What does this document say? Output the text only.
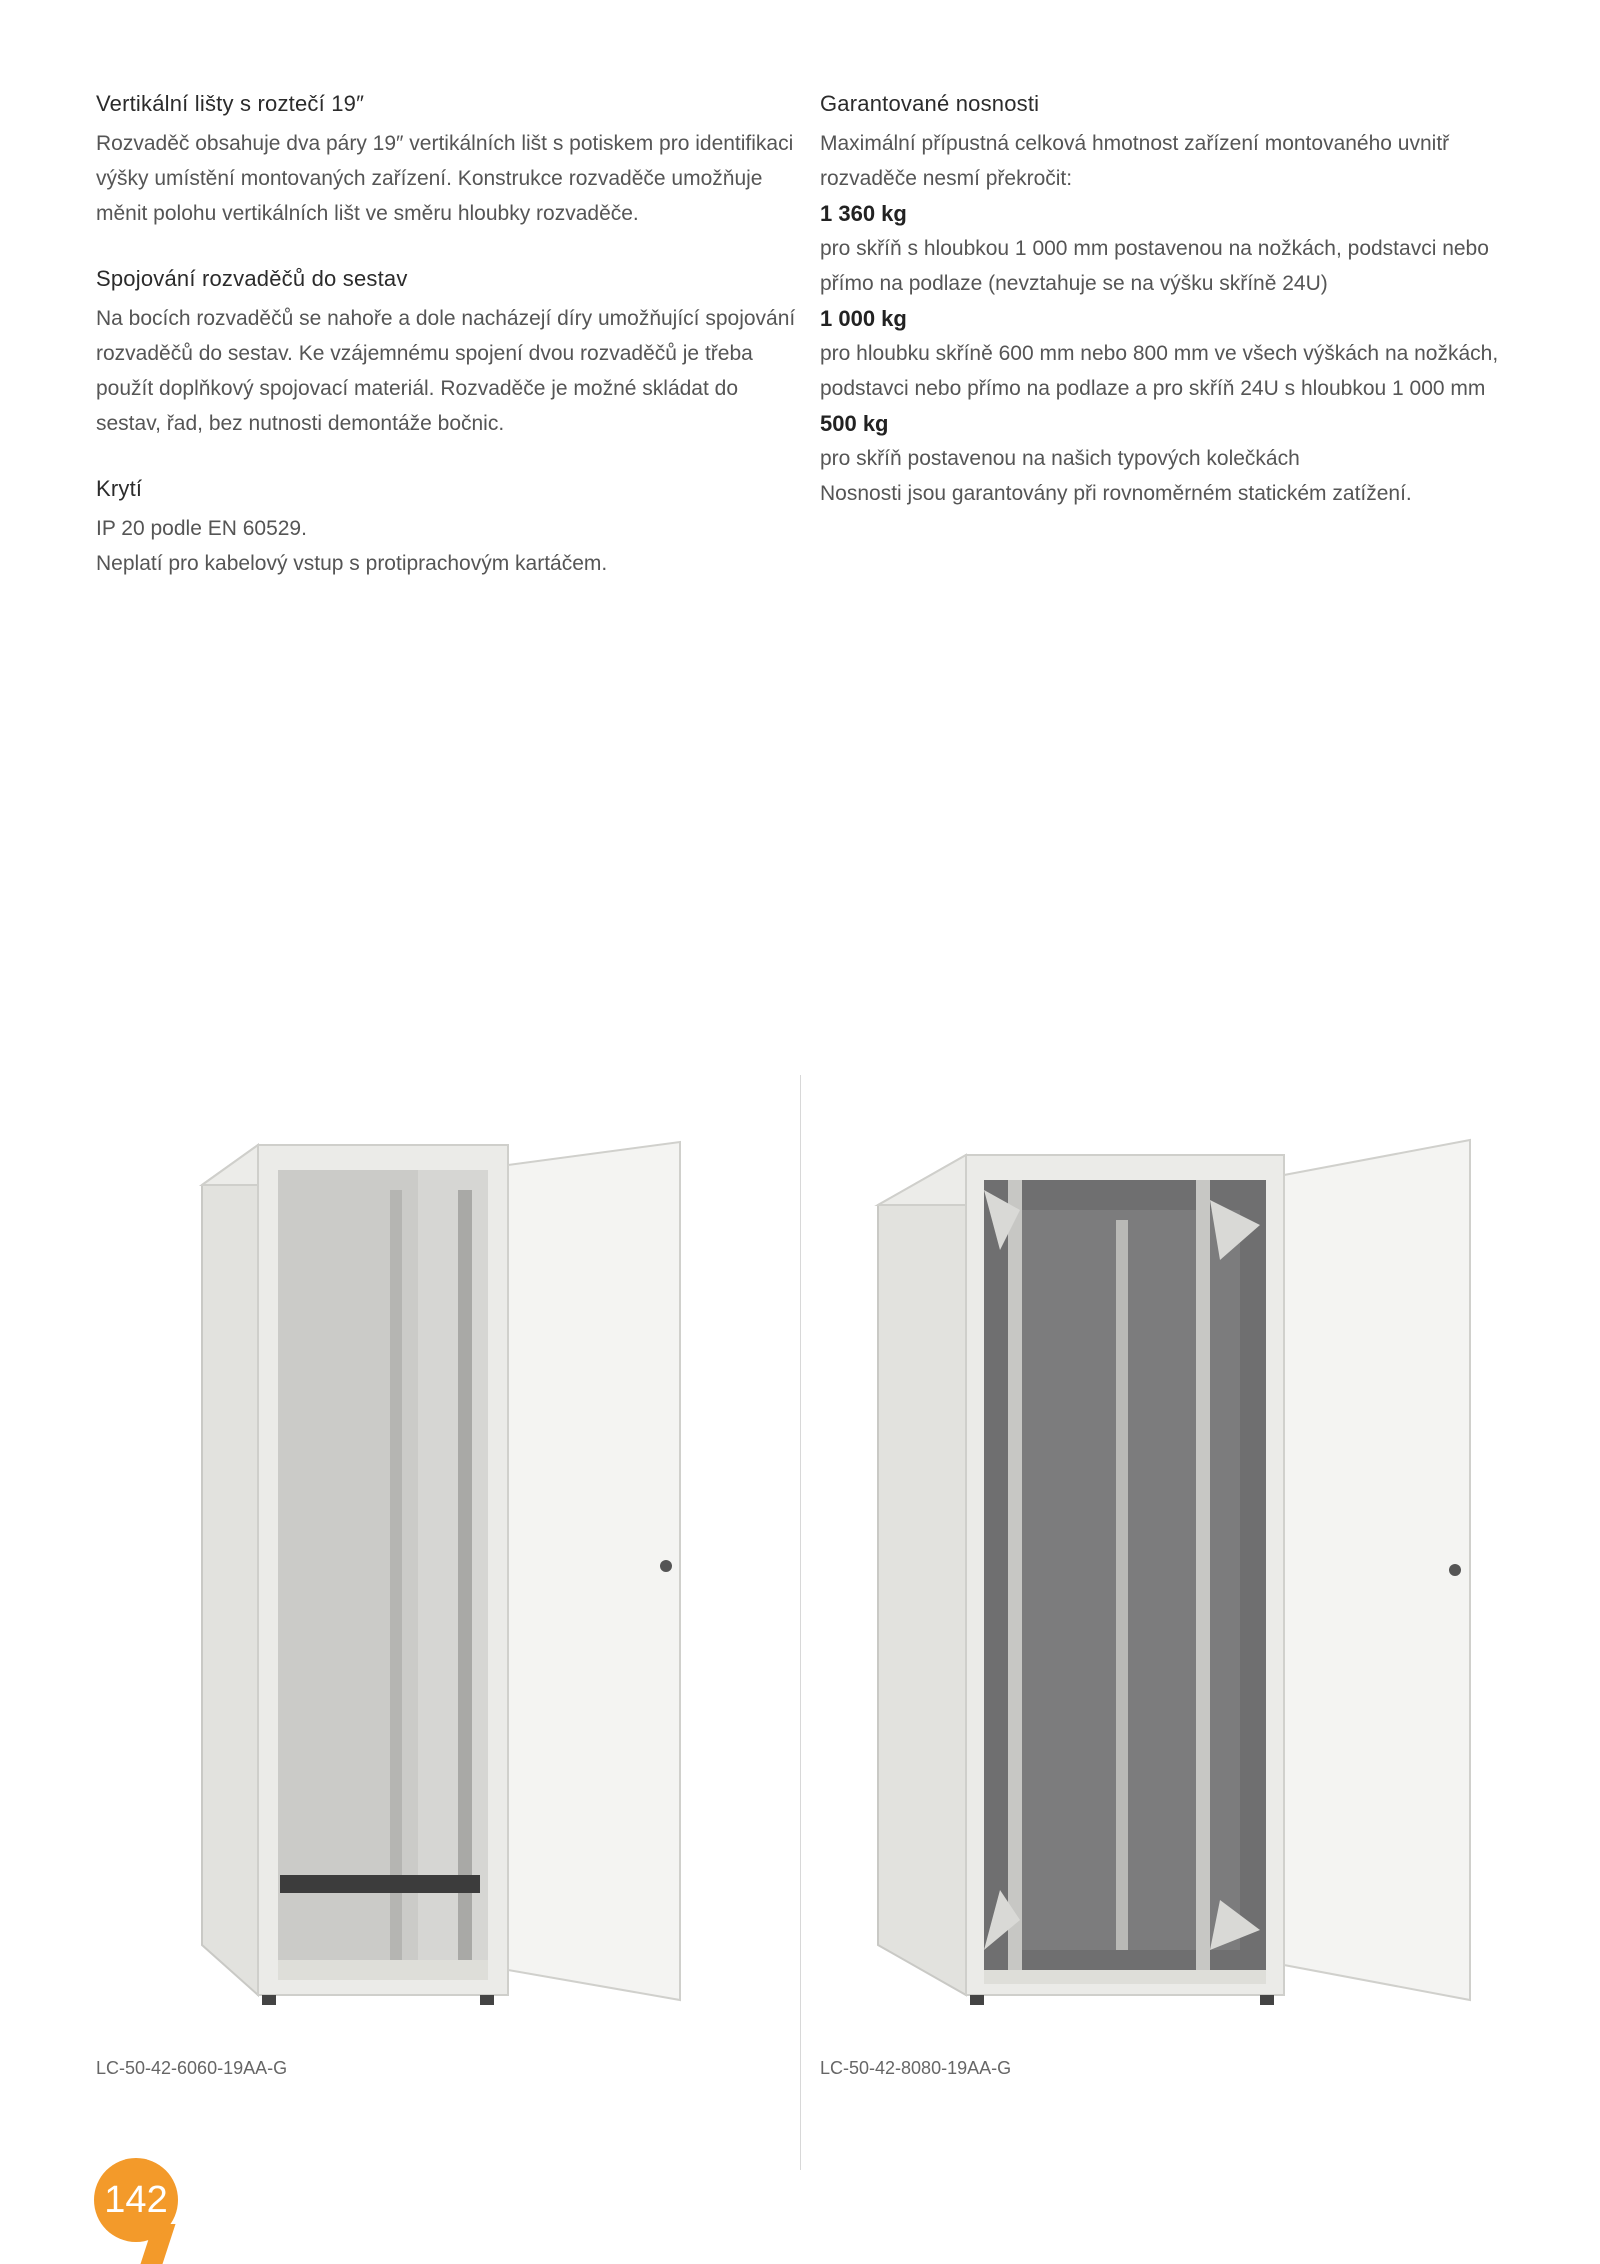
Vertikální lišty s roztečí 19″
Rozvaděč obsahuje dva páry 19″ vertikálních lišt s potiskem pro identifikaci výšky umístění montovaných zařízení. Konstrukce rozvaděče umožňuje měnit polohu vertikálních lišt ve směru hloubky rozvaděče.
Spojování rozvaděčů do sestav
Na bocích rozvaděčů se nahoře a dole nacházejí díry umožňující spojování rozvaděčů do sestav. Ke vzájemnému spojení dvou rozvaděčů je třeba použít doplňkový spojovací materiál. Rozvaděče je možné skládat do sestav, řad, bez nutnosti demontáže bočnic.
Krytí
IP 20 podle EN 60529.
Neplatí pro kabelový vstup s protiprachovým kartáčem.
Garantované nosnosti
Maximální přípustná celková hmotnost zařízení montovaného uvnitř rozvaděče nesmí překročit:
1 360 kg
pro skříň s hloubkou 1 000 mm postavenou na nožkách, podstavci nebo přímo na podlaze (nevztahuje se na výšku skříně 24U)
1 000 kg
pro hloubku skříně 600 mm nebo 800 mm ve všech výškách na nožkách, podstavci nebo přímo na podlaze a pro skříň 24U s hloubkou 1 000 mm
500 kg
pro skříň postavenou na našich typových kolečkách
Nosnosti jsou garantovány při rovnoměrném statickém zatížení.
LC-50-42-6060-19AA-G	LC-50-42-8080-19AA-G
142
